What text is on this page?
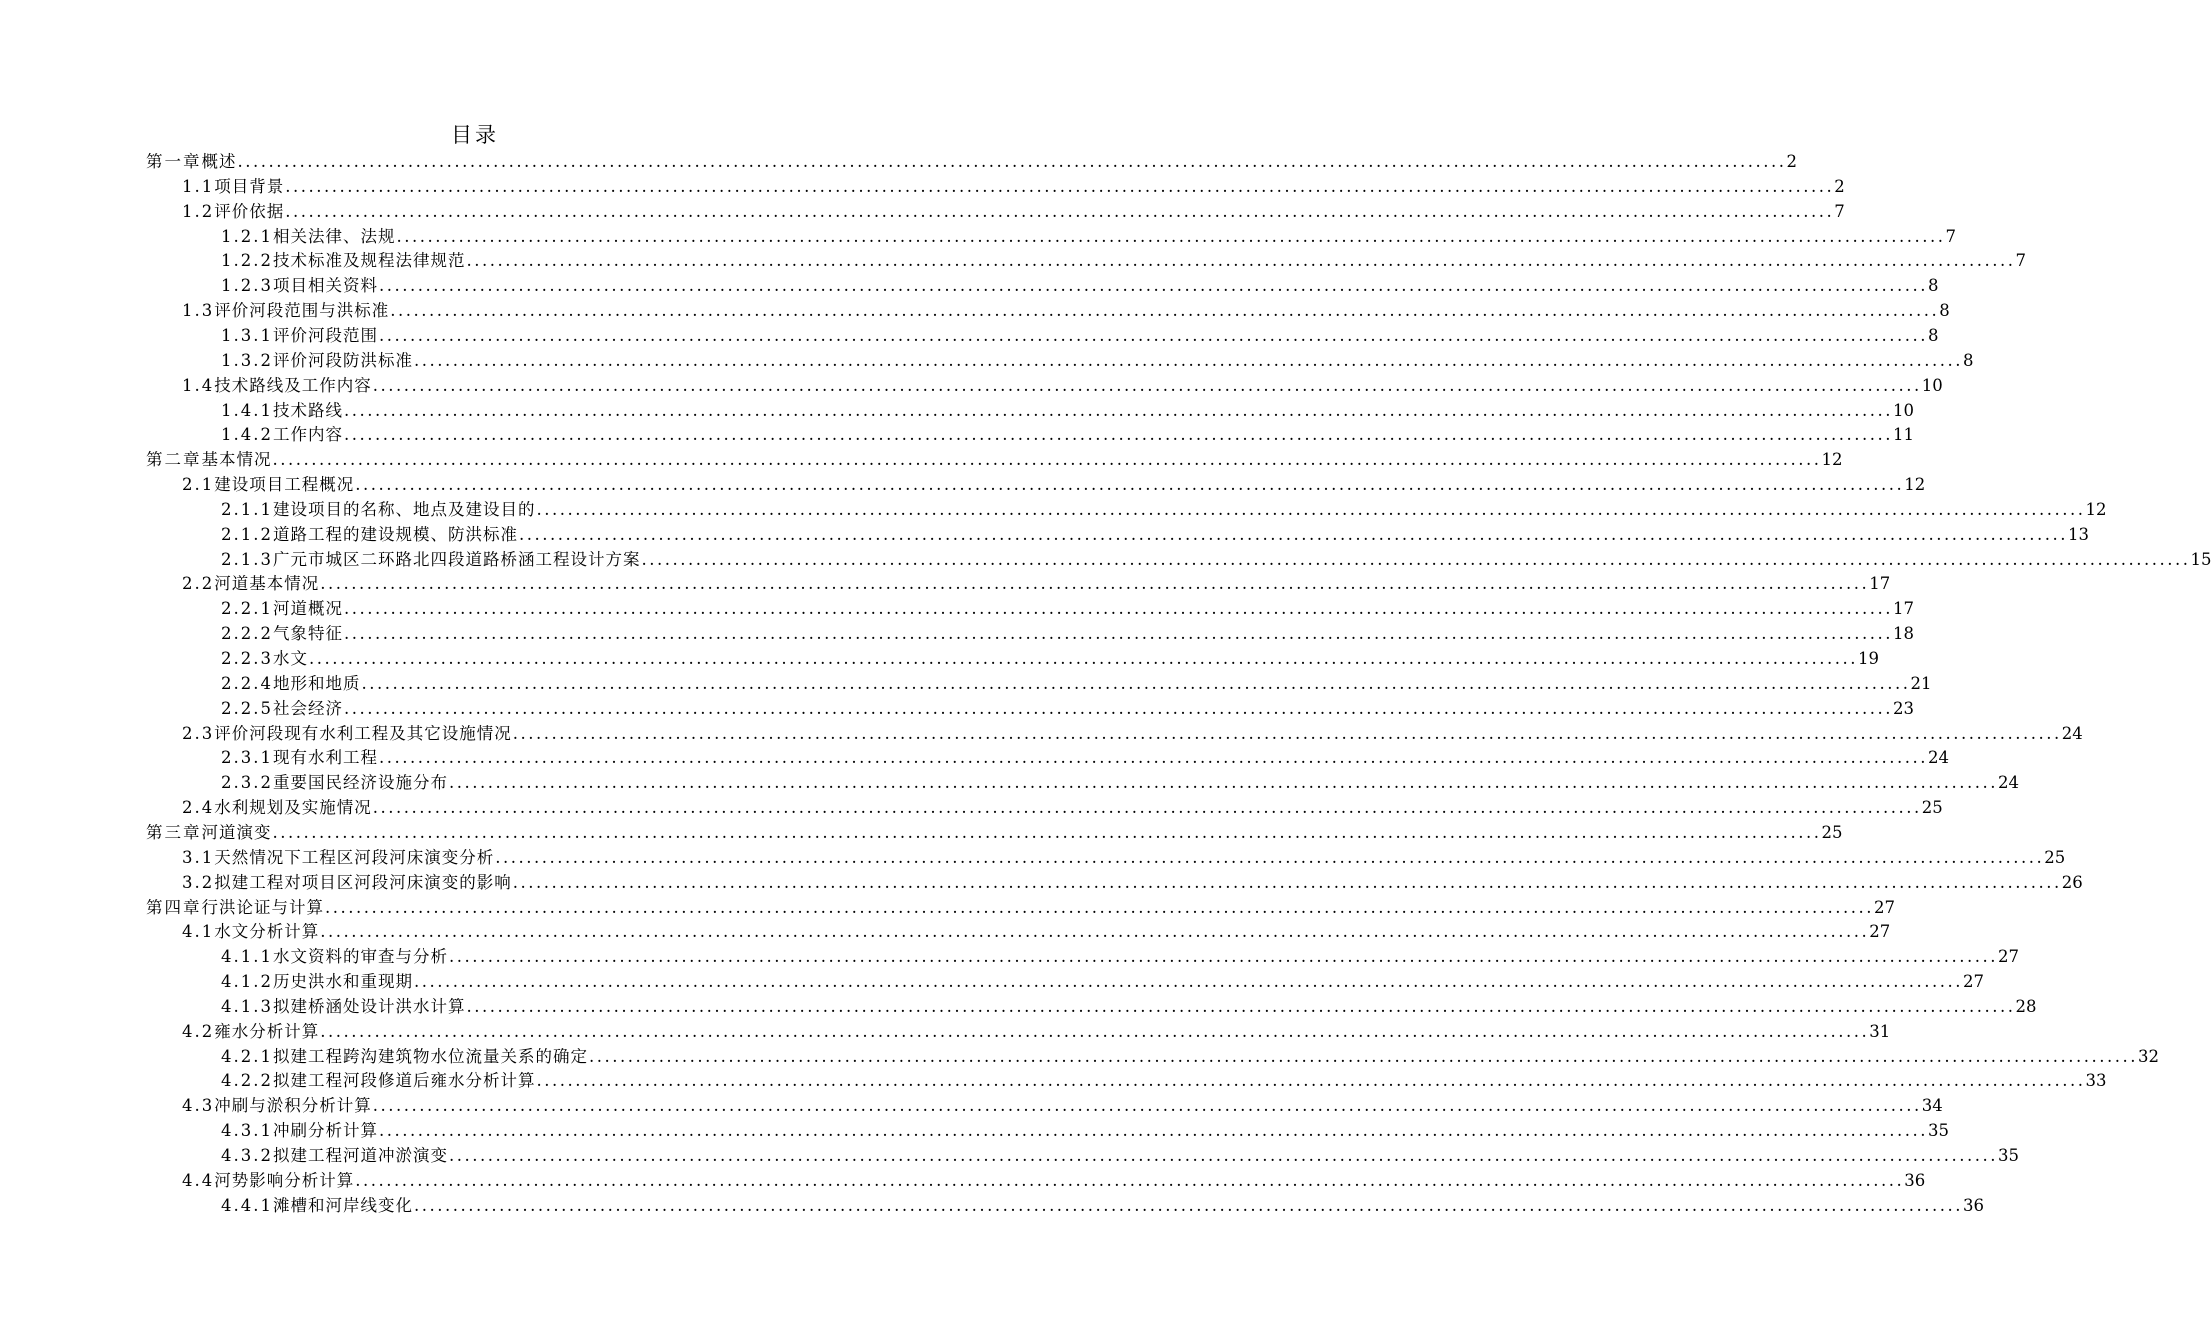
目录
第一章 概述 ........................................................................................................................................................................................................ 2
1.1 项目背景 ........................................................................................................................................................................................................ 2
1.2 评价依据 ........................................................................................................................................................................................................ 7
1.2.1 相关法律、法规 ........................................................................................................................................................................................................ 7
1.2.2 技术标准及规程法律规范 ........................................................................................................................................................................................................ 7
1.2.3 项目相关资料 ........................................................................................................................................................................................................ 8
1.3 评价河段范围与洪标准 ........................................................................................................................................................................................................ 8
1.3.1 评价河段范围 ........................................................................................................................................................................................................ 8
1.3.2 评价河段防洪标准 ........................................................................................................................................................................................................ 8
1.4 技术路线及工作内容 ........................................................................................................................................................................................................ 10
1.4.1 技术路线 ........................................................................................................................................................................................................ 10
1.4.2 工作内容 ........................................................................................................................................................................................................ 11
第二章 基本情况 ........................................................................................................................................................................................................ 12
2.1 建设项目工程概况 ........................................................................................................................................................................................................ 12
2.1.1 建设项目的名称、地点及建设目的 ........................................................................................................................................................................................................ 12
2.1.2 道路工程的建设规模、防洪标准 ........................................................................................................................................................................................................ 13
2.1.3 广元市城区二环路北四段道路桥涵工程设计方案 ........................................................................................................................................................................................................ 15
2.2 河道基本情况 ........................................................................................................................................................................................................ 17
2.2.1 河道概况 ........................................................................................................................................................................................................ 17
2.2.2 气象特征 ........................................................................................................................................................................................................ 18
2.2.3 水文 ........................................................................................................................................................................................................ 19
2.2.4 地形和地质 ........................................................................................................................................................................................................ 21
2.2.5 社会经济 ........................................................................................................................................................................................................ 23
2.3 评价河段现有水利工程及其它设施情况 ........................................................................................................................................................................................................ 24
2.3.1 现有水利工程 ........................................................................................................................................................................................................ 24
2.3.2 重要国民经济设施分布 ........................................................................................................................................................................................................ 24
2.4 水利规划及实施情况 ........................................................................................................................................................................................................ 25
第三章 河道演变 ........................................................................................................................................................................................................ 25
3.1 天然情况下工程区河段河床演变分析 ........................................................................................................................................................................................................ 25
3.2 拟建工程对项目区河段河床演变的影响 ........................................................................................................................................................................................................ 26
第四章 行洪论证与计算 ........................................................................................................................................................................................................ 27
4.1 水文分析计算 ........................................................................................................................................................................................................ 27
4.1.1 水文资料的审查与分析 ........................................................................................................................................................................................................ 27
4.1.2 历史洪水和重现期 ........................................................................................................................................................................................................ 27
4.1.3 拟建桥涵处设计洪水计算 ........................................................................................................................................................................................................ 28
4.2 雍水分析计算 ........................................................................................................................................................................................................ 31
4.2.1 拟建工程跨沟建筑物水位流量关系的确定 ........................................................................................................................................................................................................ 32
4.2.2 拟建工程河段修道后雍水分析计算 ........................................................................................................................................................................................................ 33
4.3 冲刷与淤积分析计算 ........................................................................................................................................................................................................ 34
4.3.1 冲刷分析计算 ........................................................................................................................................................................................................ 35
4.3.2 拟建工程河道冲淤演变 ........................................................................................................................................................................................................ 35
4.4 河势影响分析计算 ........................................................................................................................................................................................................ 36
4.4.1 滩槽和河岸线变化 ........................................................................................................................................................................................................ 36
